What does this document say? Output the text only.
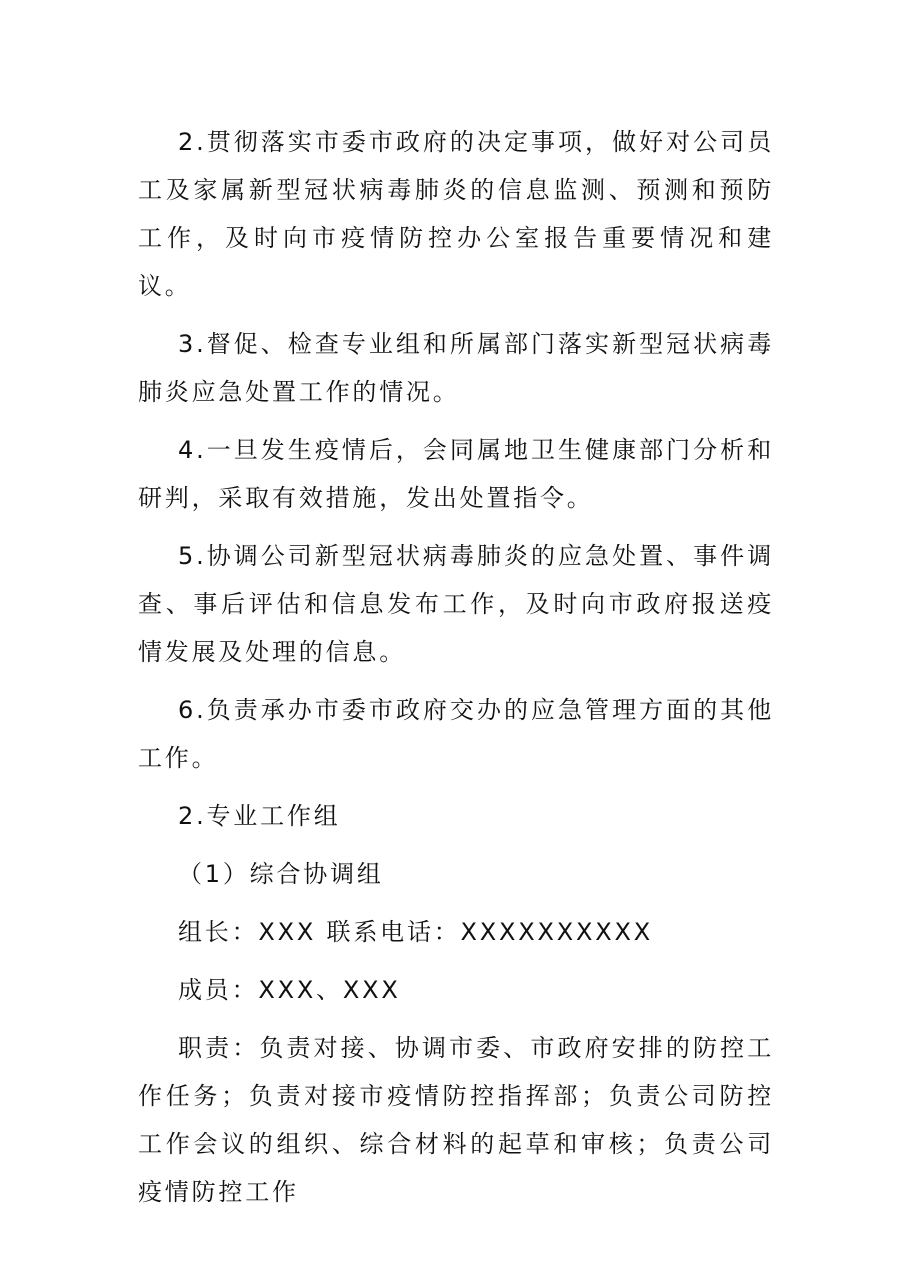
2.贯彻落实市委市政府的决定事项，做好对公司员工及家属新型冠状病毒肺炎的信息监测、预测和预防工作，及时向市疫情防控办公室报告重要情况和建议。

3.督促、检查专业组和所属部门落实新型冠状病毒肺炎应急处置工作的情况。

4.一旦发生疫情后，会同属地卫生健康部门分析和研判，采取有效措施，发出处置指令。

5.协调公司新型冠状病毒肺炎的应急处置、事件调查、事后评估和信息发布工作，及时向市政府报送疫情发展及处理的信息。

6.负责承办市委市政府交办的应急管理方面的其他工作。

2.专业工作组

（1）综合协调组

组长：XXX 联系电话：XXXXXXXXXX

成员：XXX、XXX

职责：负责对接、协调市委、市政府安排的防控工作任务；负责对接市疫情防控指挥部；负责公司防控工作会议的组织、综合材料的起草和审核；负责公司疫情防控工作
